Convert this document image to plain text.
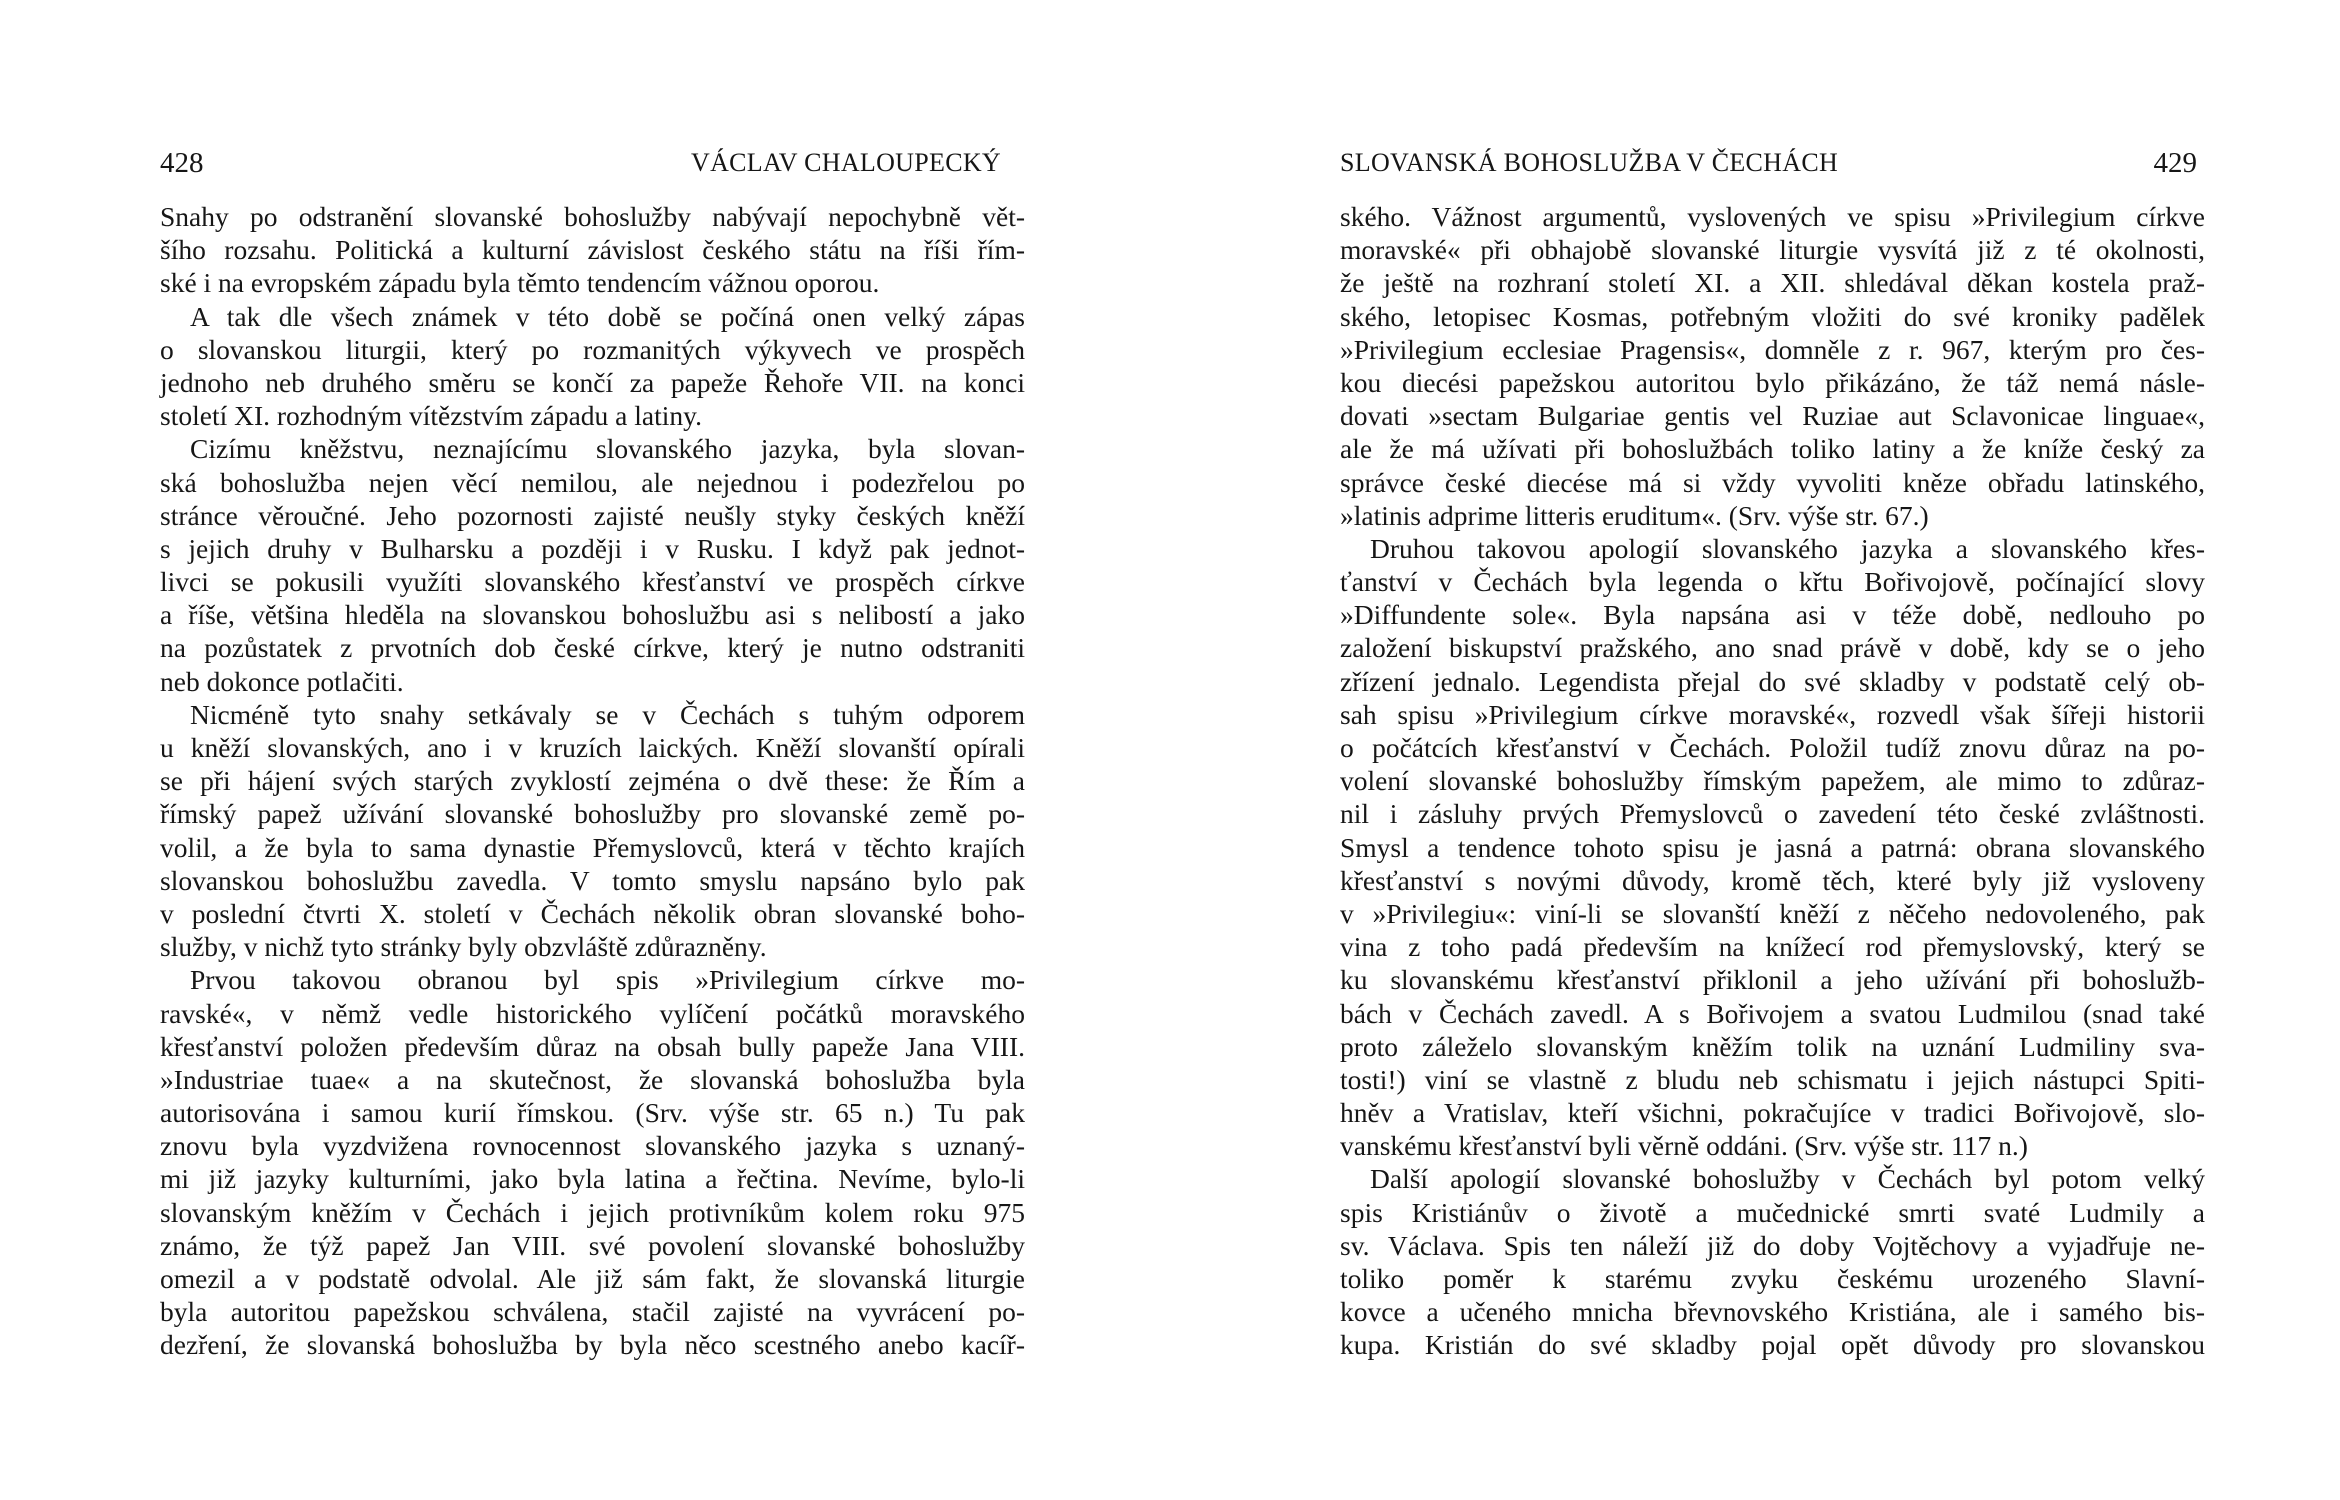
428	VÁCLAV CHALOUPECKÝ
Snahy po odstranění slovanské bohoslužby nabývají nepochybně vět-
šího rozsahu. Politická a kulturní závislost českého státu na říši řím-
ské i na evropském západu byla těmto tendencím vážnou oporou.
A tak dle všech známek v této době se počíná onen velký zápas
o slovanskou liturgii, který po rozmanitých výkyvech ve prospěch
jednoho neb druhého směru se končí za papeže Řehoře VII. na konci
století XI. rozhodným vítězstvím západu a latiny.
Cizímu kněžstvu, neznajícímu slovanského jazyka, byla slovan-
ská bohoslužba nejen věcí nemilou, ale nejednou i podezřelou po
stránce věroučné. Jeho pozornosti zajisté neušly styky českých kněží
s jejich druhy v Bulharsku a později i v Rusku. I když pak jednot-
livci se pokusili využíti slovanského křesťanství ve prospěch církve
a říše, většina hleděla na slovanskou bohoslužbu asi s nelibostí a jako
na pozůstatek z prvotních dob české církve, který je nutno odstraniti
neb dokonce potlačiti.
Nicméně tyto snahy setkávaly se v Čechách s tuhým odporem
u kněží slovanských, ano i v kruzích laických. Kněží slovanští opírali
se při hájení svých starých zvyklostí zejména o dvě these: že Řím a
římský papež užívání slovanské bohoslužby pro slovanské země po-
volil, a že byla to sama dynastie Přemyslovců, která v těchto krajích
slovanskou bohoslužbu zavedla. V tomto smyslu napsáno bylo pak
v poslední čtvrti X. století v Čechách několik obran slovanské boho-
služby, v nichž tyto stránky byly obzvláště zdůrazněny.
Prvou takovou obranou byl spis »Privilegium církve mo-
ravské«, v němž vedle historického vylíčení počátků moravského
křesťanství položen především důraz na obsah bully papeže Jana VIII.
»Industriae tuae« a na skutečnost, že slovanská bohoslužba byla
autorisována i samou kurií římskou. (Srv. výše str. 65 n.) Tu pak
znovu byla vyzdvižena rovnocennost slovanského jazyka s uznaný-
mi již jazyky kulturními, jako byla latina a řečtina. Nevíme, bylo-li
slovanským kněžím v Čechách i jejich protivníkům kolem roku 975
známo, že týž papež Jan VIII. své povolení slovanské bohoslužby
omezil a v podstatě odvolal. Ale již sám fakt, že slovanská liturgie
byla autoritou papežskou schválena, stačil zajisté na vyvrácení po-
dezření, že slovanská bohoslužba by byla něco scestného anebo kacíř-
SLOVANSKÁ BOHOSLUŽBA V ČECHÁCH	429
ského. Vážnost argumentů, vyslovených ve spisu »Privilegium církve
moravské« při obhajobě slovanské liturgie vysvítá již z té okolnosti,
že ještě na rozhraní století XI. a XII. shledával děkan kostela praž-
ského, letopisec Kosmas, potřebným vložiti do své kroniky padělek
»Privilegium ecclesiae Pragensis«, domněle z r. 967, kterým pro čes-
kou diecési papežskou autoritou bylo přikázáno, že táž nemá násle-
dovati »sectam Bulgariae gentis vel Ruziae aut Sclavonicae linguae«,
ale že má užívati při bohoslužbách toliko latiny a že kníže český za
správce české diecése má si vždy vyvoliti kněze obřadu latinského,
»latinis adprime litteris eruditum«. (Srv. výše str. 67.)
Druhou takovou apologií slovanského jazyka a slovanského křes-
ťanství v Čechách byla legenda o křtu Bořivojově, počínající slovy
»Diffundente sole«. Byla napsána asi v téže době, nedlouho po
založení biskupství pražského, ano snad právě v době, kdy se o jeho
zřízení jednalo. Legendista přejal do své skladby v podstatě celý ob-
sah spisu »Privilegium církve moravské«, rozvedl však šířeji historii
o počátcích křesťanství v Čechách. Položil tudíž znovu důraz na po-
volení slovanské bohoslužby římským papežem, ale mimo to zdůraz-
nil i zásluhy prvých Přemyslovců o zavedení této české zvláštnosti.
Smysl a tendence tohoto spisu je jasná a patrná: obrana slovanského
křesťanství s novými důvody, kromě těch, které byly již vysloveny
v »Privilegiu«: viní-li se slovanští kněží z něčeho nedovoleného, pak
vina z toho padá především na knížecí rod přemyslovský, který se
ku slovanskému křesťanství přiklonil a jeho užívání při bohoslužb-
bách v Čechách zavedl. A s Bořivojem a svatou Ludmilou (snad také
proto záleželo slovanským kněžím tolik na uznání Ludmiliny sva-
tosti!) viní se vlastně z bludu neb schismatu i jejich nástupci Spiti-
hněv a Vratislav, kteří všichni, pokračujíce v tradici Bořivojově, slo-
vanskému křesťanství byli věrně oddáni. (Srv. výše str. 117 n.)
Další apologií slovanské bohoslužby v Čechách byl potom velký
spis Kristiánův o životě a mučednické smrti svaté Ludmily a
sv. Václava. Spis ten náleží již do doby Vojtěchovy a vyjadřuje ne-
toliko poměr k starému zvyku českému urozeného Slavní-
kovce a učeného mnicha břevnovského Kristiána, ale i samého bis-
kupa. Kristián do své skladby pojal opět důvody pro slovanskou
